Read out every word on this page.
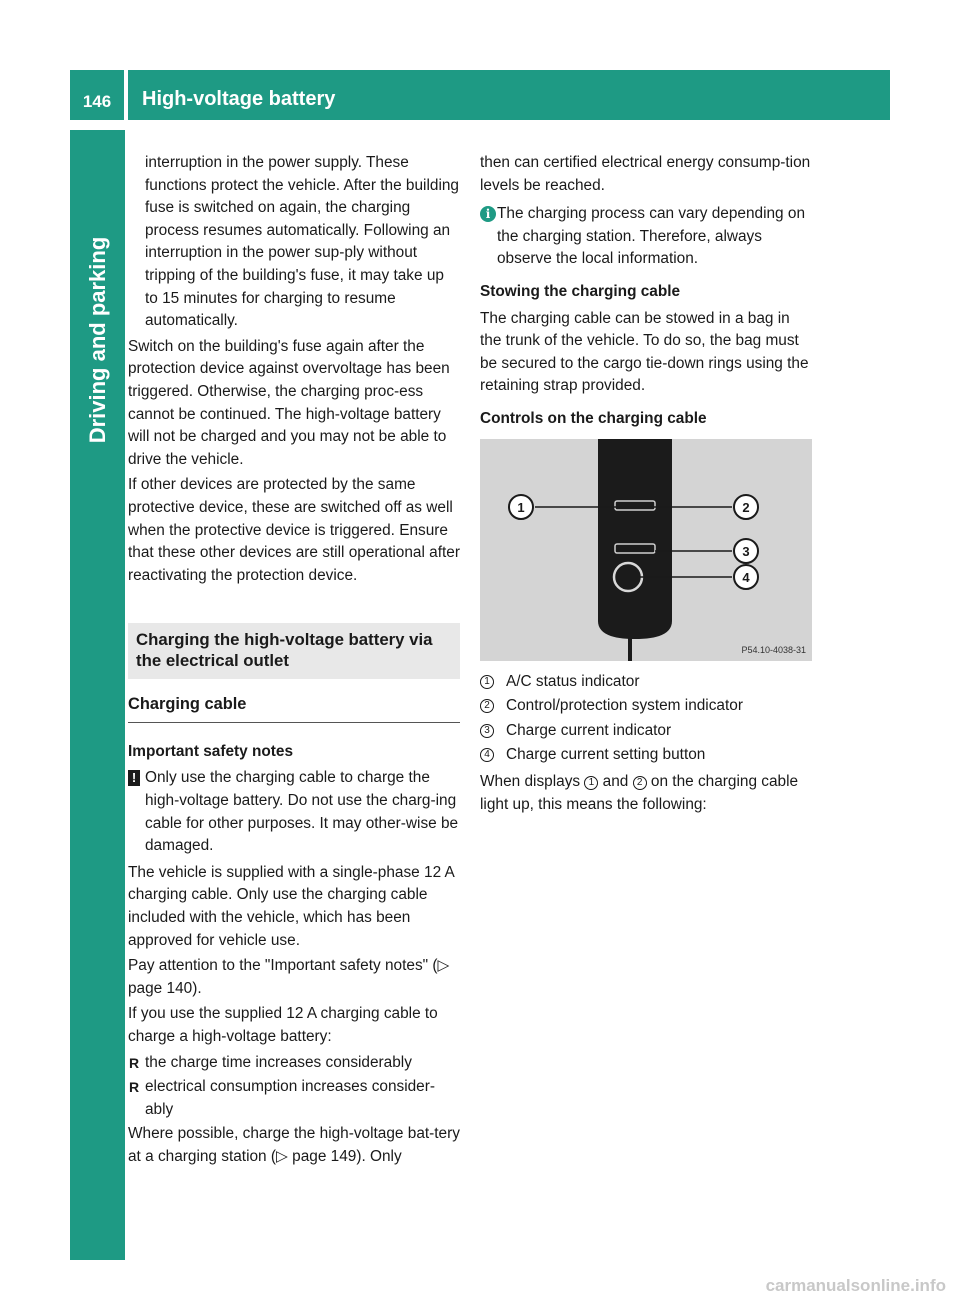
146	High-voltage battery
Driving and parking

interruption in the power supply. These functions protect the vehicle. After the building fuse is switched on again, the charging process resumes automatically. Following an interruption in the power sup-ply without tripping of the building's fuse, it may take up to 15 minutes for charging to resume automatically.

Switch on the building's fuse again after the protection device against overvoltage has been triggered. Otherwise, the charging proc-ess cannot be continued. The high-voltage battery will not be charged and you may not be able to drive the vehicle.

If other devices are protected by the same protective device, these are switched off as well when the protective device is triggered. Ensure that these other devices are still operational after reactivating the protection device.

Charging the high-voltage battery via the electrical outlet
Charging cable
Important safety notes
! Only use the charging cable to charge the high-voltage battery. Do not use the charg-ing cable for other purposes. It may other-wise be damaged.

The vehicle is supplied with a single-phase 12 A charging cable. Only use the charging cable included with the vehicle, which has been approved for vehicle use.

Pay attention to the "Important safety notes" (▷ page 140).

If you use the supplied 12 A charging cable to charge a high-voltage battery:

R the charge time increases considerably
R electrical consumption increases consider-ably

Where possible, charge the high-voltage bat-tery at a charging station (▷ page 149). Only

then can certified electrical energy consump-tion levels be reached.

i The charging process can vary depending on the charging station. Therefore, always observe the local information.
Stowing the charging cable

The charging cable can be stowed in a bag in the trunk of the vehicle. To do so, the bag must be secured to the cargo tie-down rings using the retaining strap provided.

Controls on the charging cable
1	2
3
4
P54.10-4038-31
1 A/C status indicator
2 Control/protection system indicator
3 Charge current indicator
4 Charge current setting button

When displays 1 and 2 on the charging cable light up, this means the following:

carmanualsonline.info
